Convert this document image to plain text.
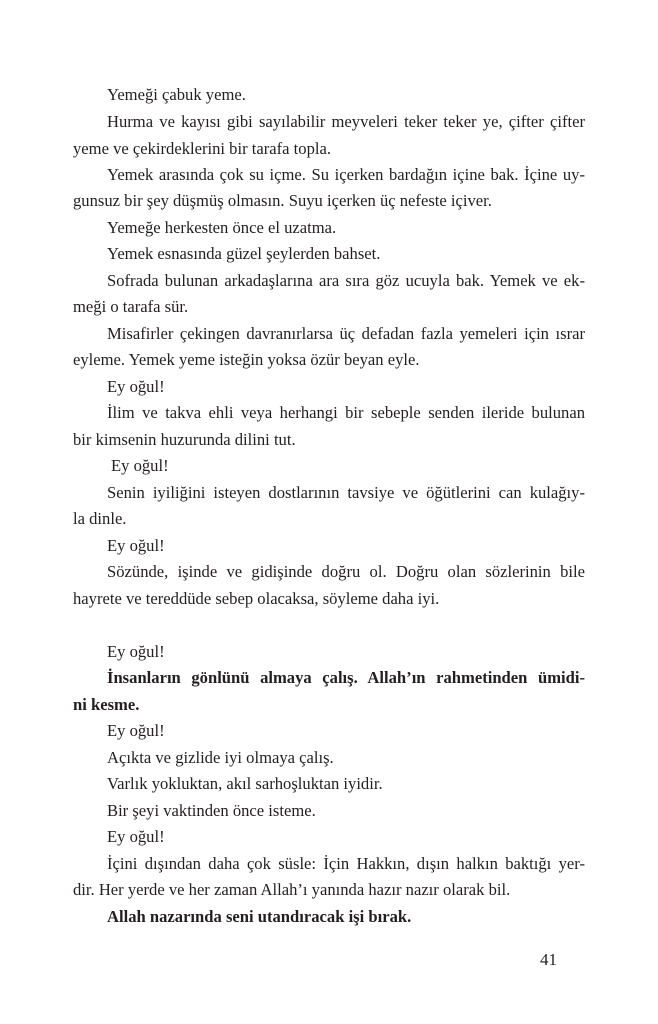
Yemeği çabuk yeme.
Hurma ve kayısı gibi sayılabilir meyveleri teker teker ye, çifter çifter
yeme ve çekirdeklerini bir tarafa topla.
Yemek arasında çok su içme. Su içerken bardağın içine bak. İçine uy-
gunsuz bir şey düşmüş olmasın. Suyu içerken üç nefeste içiver.
Yemeğe herkesten önce el uzatma.
Yemek esnasında güzel şeylerden bahset.
Sofrada bulunan arkadaşlarına ara sıra göz ucuyla bak. Yemek ve ek-
meği o tarafa sür.
Misafirler çekingen davranırlarsa üç defadan fazla yemeleri için ısrar
eyleme. Yemek yeme isteğin yoksa özür beyan eyle.
Ey oğul!
İlim ve takva ehli veya herhangi bir sebeple senden ileride bulunan
bir kimsenin huzurunda dilini tut.
Ey oğul!
Senin iyiliğini isteyen dostlarının tavsiye ve öğütlerini can kulağıy-
la dinle.
Ey oğul!
Sözünde, işinde ve gidişinde doğru ol. Doğru olan sözlerinin bile
hayrete ve tereddüde sebep olacaksa, söyleme daha iyi.
Ey oğul!
İnsanların gönlünü almaya çalış. Allah’ın rahmetinden ümidi-
ni kesme.
Ey oğul!
Açıkta ve gizlide iyi olmaya çalış.
Varlık yokluktan, akıl sarhoşluktan iyidir.
Bir şeyi vaktinden önce isteme.
Ey oğul!
İçini dışından daha çok süsle: İçin Hakkın, dışın halkın baktığı yer-
dir. Her yerde ve her zaman Allah’ı yanında hazır nazır olarak bil.
Allah nazarında seni utandıracak işi bırak.
41
